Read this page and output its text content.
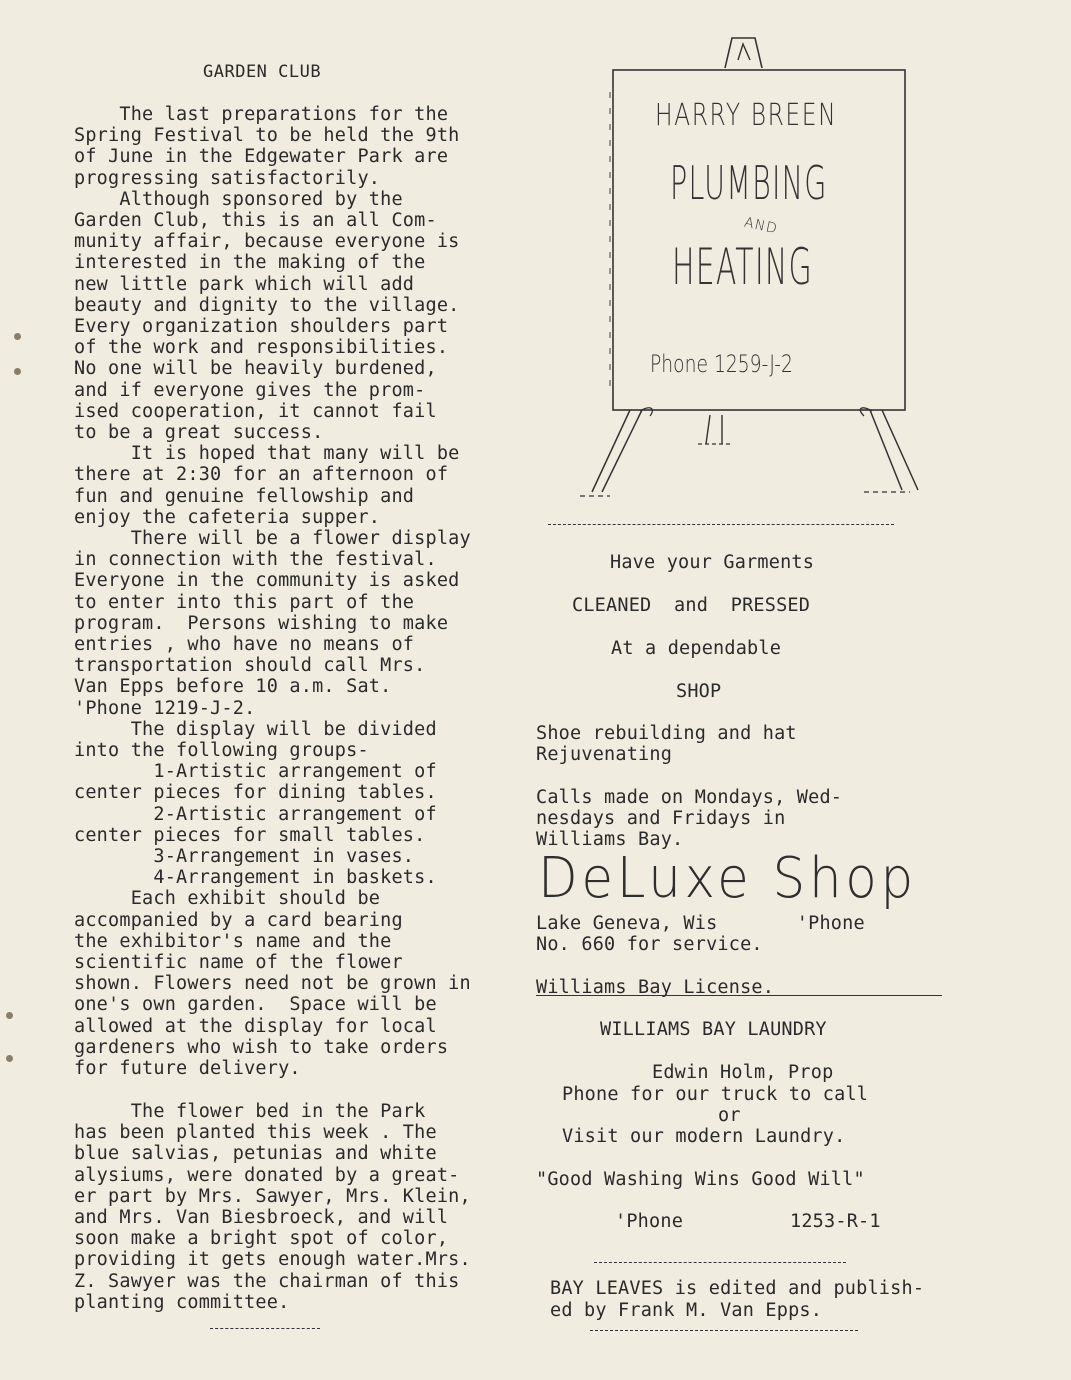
GARDEN CLUB
The last preparations for the
Spring Festival to be held the 9th
of June in the Edgewater Park are
progressing satisfactorily.
Although sponsored by the
Garden Club, this is an all Com-
munity affair, because everyone is
interested in the making of the
new little park which will add
beauty and dignity to the village.
Every organization shoulders part
of the work and responsibilities.
No one will be heavily burdened,
and if everyone gives the prom-
ised cooperation, it cannot fail
to be a great success.
It is hoped that many will be
there at 2:30 for an afternoon of
fun and genuine fellowship and
enjoy the cafeteria supper.
There will be a flower display
in connection with the festival.
Everyone in the community is asked
to enter into this part of the
program.  Persons wishing to make
entries , who have no means of
transportation should call Mrs.
Van Epps before 10 a.m. Sat.
'Phone 1219-J-2.
The display will be divided
into the following groups-
1-Artistic arrangement of
center pieces for dining tables.
2-Artistic arrangement of
center pieces for small tables.
3-Arrangement in vases.
4-Arrangement in baskets.
Each exhibit should be
accompanied by a card bearing
the exhibitor's name and the
scientific name of the flower
shown. Flowers need not be grown in
one's own garden.  Space will be
allowed at the display for local
gardeners who wish to take orders
for future delivery.
The flower bed in the Park
has been planted this week . The
blue salvias, petunias and white
alysiums, were donated by a great-
er part by Mrs. Sawyer, Mrs. Klein,
and Mrs. Van Biesbroeck, and will
soon make a bright spot of color,
providing it gets enough water.Mrs.
Z. Sawyer was the chairman of this
planting committee.
HARRY BREEN
PLUMBING
AND
HEATING
Phone 1259-J-2
Have your Garments
CLEANED  and  PRESSED
At a dependable
SHOP
Shoe rebuilding and hat
Rejuvenating
Calls made on Mondays, Wed-
nesdays and Fridays in
Williams Bay.
DeLuxe Shop
Lake Geneva, Wis       'Phone
No. 660 for service.
Williams Bay License.
WILLIAMS BAY LAUNDRY
Edwin Holm, Prop
Phone for our truck to call
or
Visit our modern Laundry.
"Good Washing Wins Good Will"
'Phone	1253-R-1
BAY LEAVES is edited and publish-
ed by Frank M. Van Epps.
